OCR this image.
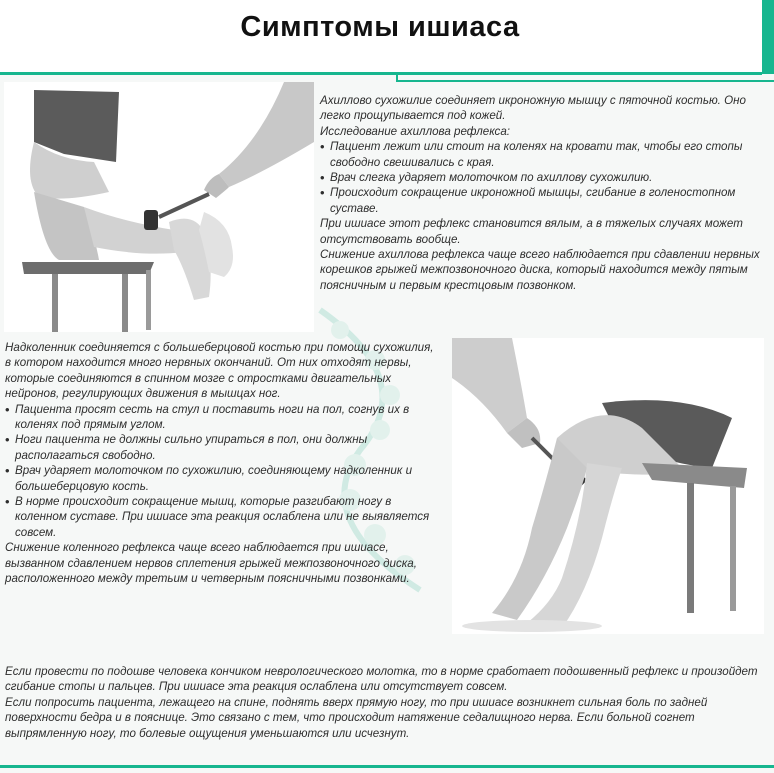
Симптомы ишиаса

Ахиллово сухожилие соединяет икроножную мышцу с пяточной костью. Оно легко прощупывается под кожей.

Исследование ахиллова рефлекса:

• Пациент лежит или стоит на коленях на кровати так, чтобы его стопы свободно свешивались с края.

• Врач слегка ударяет молоточком по ахиллову сухожилию.

• Происходит сокращение икроножной мышцы, сгибание в голеностопном суставе.

При ишиасе этот рефлекс становится вялым, а в тяжелых случаях может отсутствовать вообще.

Снижение ахиллова рефлекса чаще всего наблюдается при сдавлении нервных корешков грыжей межпозвоночного диска, который находится между пятым поясничным и первым крестцовым позвонком.

Надколенник соединяется с большеберцовой костью при помощи сухожилия, в котором находится много нервных окончаний. От них отходят нервы, которые соединяются в спинном мозге с отростками двигательных нейронов, регулирующих движения в мышцах ног.

• Пациента просят сесть на стул и поставить ноги на пол, согнув их в коленях под прямым углом.

• Ноги пациента не должны сильно упираться в пол, они должны располагаться свободно.

• Врач ударяет молоточком по сухожилию, соединяющему надколенник и большеберцовую кость.

• В норме происходит сокращение мышц, которые разгибают ногу в коленном суставе. При ишиасе эта реакция ослаблена или не выявляется совсем.

Снижение коленного рефлекса чаще всего наблюдается при ишиасе, вызванном сдавлением нервов сплетения грыжей межпозвоночного диска, расположенного между третьим и четверным поясничными позвонками.

Если провести по подошве человека кончиком неврологического молотка, то в норме сработает подошвенный рефлекс и произойдет сгибание стопы и пальцев. При ишиасе эта реакция ослаблена или отсутствует совсем.

Если попросить пациента, лежащего на спине, поднять вверх прямую ногу, то при ишиасе возникнет сильная боль по задней поверхности бедра и в пояснице. Это связано с тем, что происходит натяжение седалищного нерва. Если больной согнет выпрямленную ногу, то болевые ощущения уменьшаются или исчезнут.
